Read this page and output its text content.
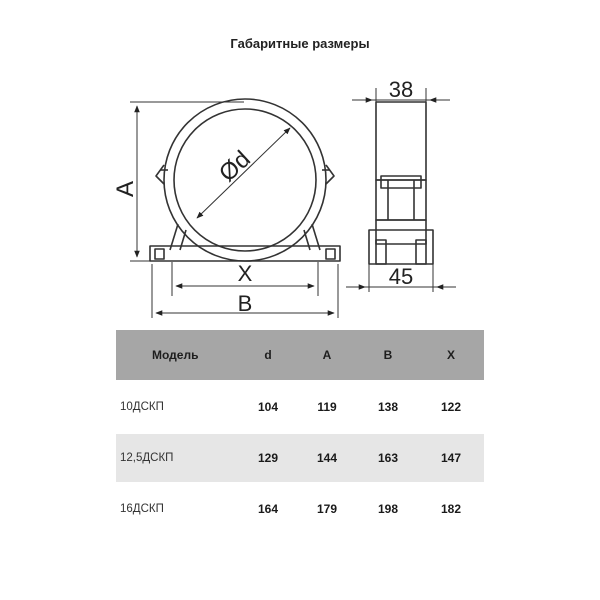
Габаритные размеры
A
Ød
X
B
38
45
Модель	d	A	B	X
10ДСКП	104	119	138	122
12,5ДСКП	129	144	163	147
16ДСКП	164	179	198	182
